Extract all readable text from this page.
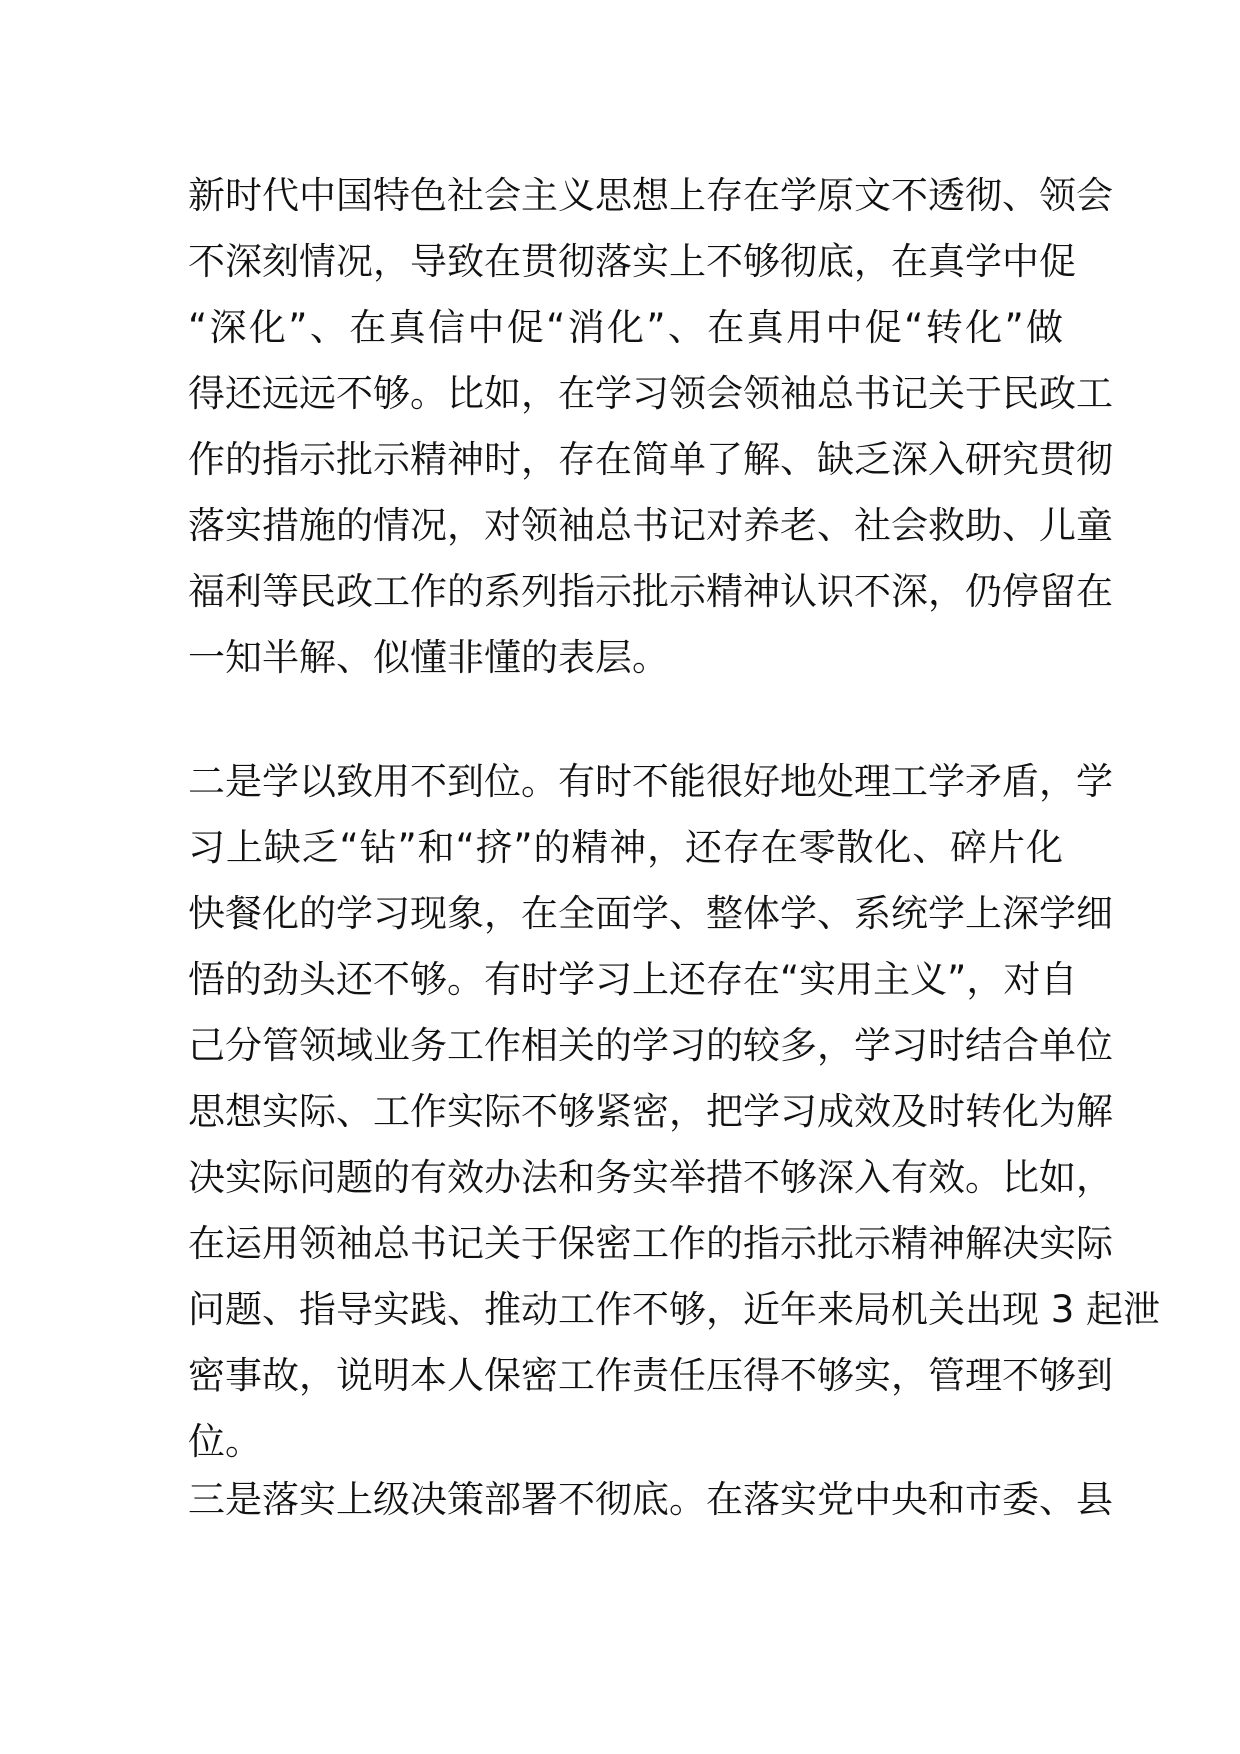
新时代中国特色社会主义思想上存在学原文不透彻、领会
不深刻情况，导致在贯彻落实上不够彻底，在真学中促
“深化”、在真信中促“消化”、在真用中促“转化”做
得还远远不够。比如，在学习领会领袖总书记关于民政工
作的指示批示精神时，存在简单了解、缺乏深入研究贯彻
落实措施的情况，对领袖总书记对养老、社会救助、儿童
福利等民政工作的系列指示批示精神认识不深，仍停留在
一知半解、似懂非懂的表层。
二是学以致用不到位。有时不能很好地处理工学矛盾，学
习上缺乏“钻”和“挤”的精神，还存在零散化、碎片化
快餐化的学习现象，在全面学、整体学、系统学上深学细
悟的劲头还不够。有时学习上还存在“实用主义”，对自
己分管领域业务工作相关的学习的较多，学习时结合单位
思想实际、工作实际不够紧密，把学习成效及时转化为解
决实际问题的有效办法和务实举措不够深入有效。比如，
在运用领袖总书记关于保密工作的指示批示精神解决实际
问题、指导实践、推动工作不够，近年来局机关出现 3 起泄
密事故，说明本人保密工作责任压得不够实，管理不够到
位。
三是落实上级决策部署不彻底。在落实党中央和市委、县
